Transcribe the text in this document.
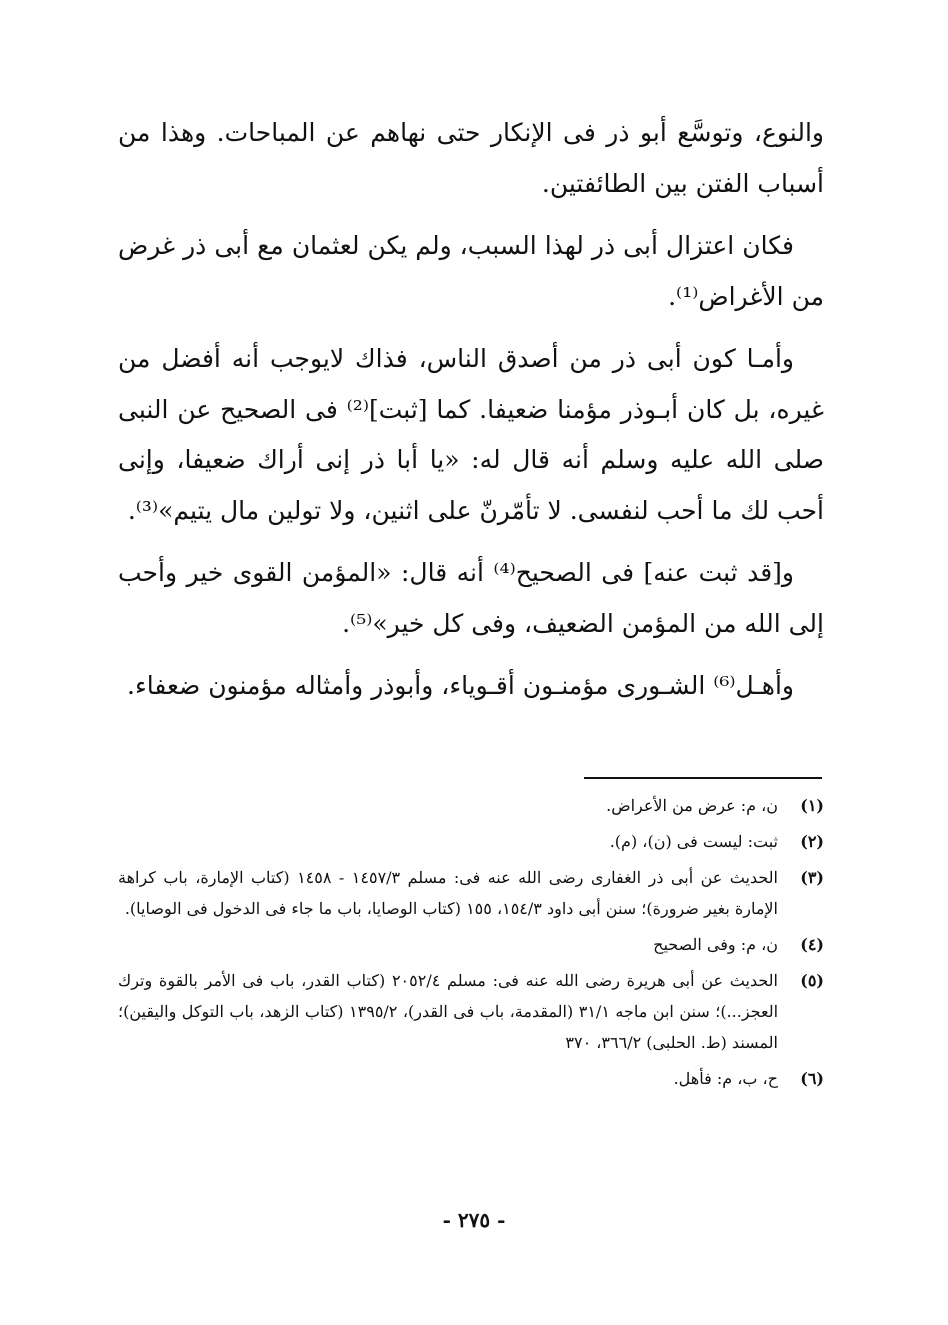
والنوع، وتوسَّع أبو ذر فى الإنكار حتى نهاهم عن المباحات. وهذا من أسباب الفتن بين الطائفتين.

فكان اعتزال أبى ذر لهذا السبب، ولم يكن لعثمان مع أبى ذر غرض من الأغراض⁽¹⁾.

وأمـا كون أبى ذر من أصدق الناس، فذاك لايوجب أنه أفضل من غيره، بل كان أبـوذر مؤمنا ضعيفا. كما [ثبت]⁽²⁾ فى الصحيح عن النبى صلى الله عليه وسلم أنه قال له: «يا أبا ذر إنى أراك ضعيفا، وإنى أحب لك ما أحب لنفسى. لا تأمّرنّ على اثنين، ولا تولين مال يتيم»⁽³⁾.

و[قد ثبت عنه] فى الصحيح⁽⁴⁾ أنه قال: «المؤمن القوى خير وأحب إلى الله من المؤمن الضعيف، وفى كل خير»⁽⁵⁾.

وأهـل⁽⁶⁾ الشـورى مؤمنـون أقـوياء، وأبوذر وأمثاله مؤمنون ضعفاء.

(١)
ن، م: عرض من الأعراض.
(٢)
ثبت: ليست فى (ن)، (م).
(٣)
الحديث عن أبى ذر الغفارى رضى الله عنه فى: مسلم ١٤٥٧/٣ - ١٤٥٨ (كتاب الإمارة، باب كراهة الإمارة بغير ضرورة)؛ سنن أبى داود ١٥٤/٣، ١٥٥ (كتاب الوصايا، باب ما جاء فى الدخول فى الوصايا).
(٤)
ن، م: وفى الصحيح
(٥)
الحديث عن أبى هريرة رضى الله عنه فى: مسلم ٢٠٥٢/٤ (كتاب القدر، باب فى الأمر بالقوة وترك العجز...)؛ سنن ابن ماجه ٣١/١ (المقدمة، باب فى القدر)، ١٣٩٥/٢ (كتاب الزهد، باب التوكل واليقين)؛ المسند (ط. الحلبى) ٣٦٦/٢، ٣٧٠
(٦)
ح، ب، م: فأهل.
- ٢٧٥ -
